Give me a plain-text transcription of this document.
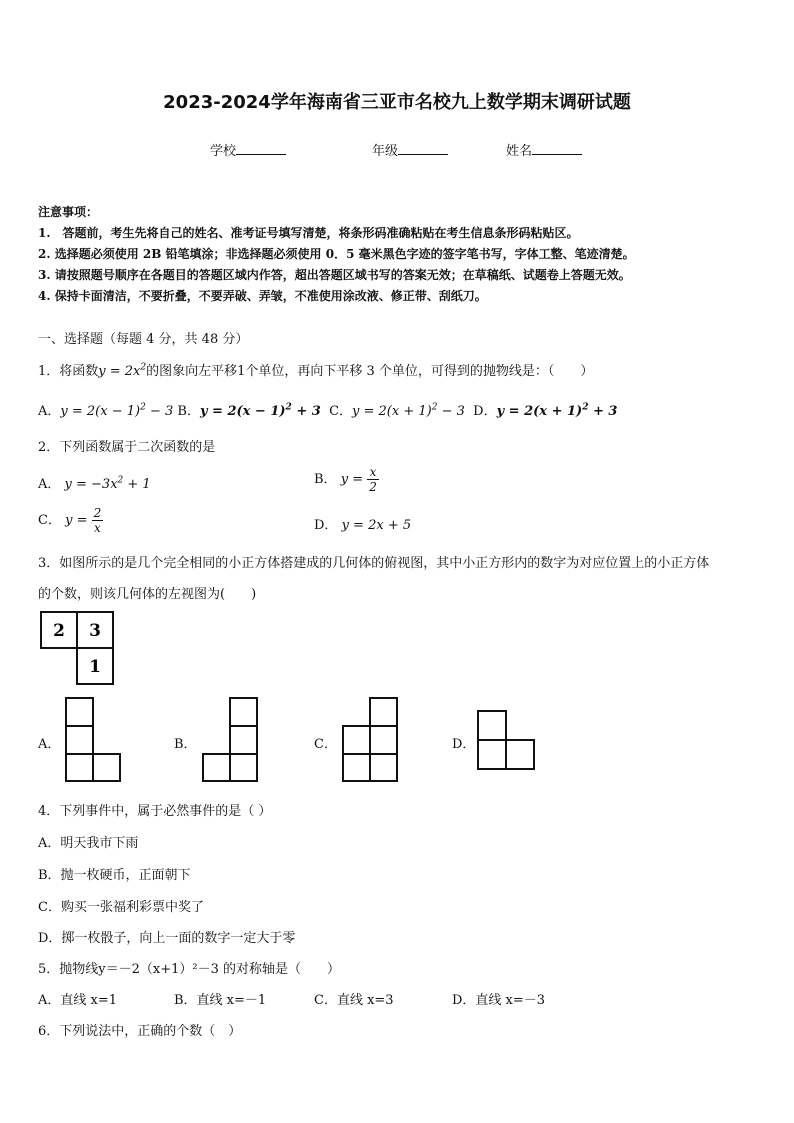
2023-2024学年海南省三亚市名校九上数学期末调研试题
学校	年级	姓名
注意事项：
1.　答题前，考生先将自己的姓名、准考证号填写清楚，将条形码准确粘贴在考生信息条形码粘贴区。
2. 选择题必须使用 2B 铅笔填涂；非选择题必须使用 0．5 毫米黑色字迹的签字笔书写，字体工整、笔迹清楚。
3. 请按照题号顺序在各题目的答题区域内作答，超出答题区域书写的答案无效；在草稿纸、试题卷上答题无效。
4. 保持卡面清洁，不要折叠，不要弄破、弄皱，不准使用涂改液、修正带、刮纸刀。
一、选择题（每题 4 分，共 48 分）
1．将函数$y = 2x^2$的图象向左平移1个单位，再向下平移 3 个单位，可得到的抛物线是：（　　）
A．$y = 2(x - 1)^2 - 3$ B．$y = 2(x - 1)^2 + 3$ C．$y = 2(x + 1)^2 - 3$ D．$y = 2(x + 1)^2 + 3$
2．下列函数属于二次函数的是
A． $y = -3x^2 + 1$	B． $y = \frac{x}{2}$
C． $y = \frac{2}{x}$	D． y = 2x + 5
3．如图所示的是几个完全相同的小正方体搭建成的几何体的俯视图，其中小正方形内的数字为对应位置上的小正方体
的个数，则该几何体的左视图为(　　)
2 3
1
A．	B．	C．	D．
4．下列事件中，属于必然事件的是（ ）
A．明天我市下雨
B．抛一枚硬币，正面朝下
C．购买一张福利彩票中奖了
D．掷一枚骰子，向上一面的数字一定大于零
5．抛物线y＝－2（x+1）²－3 的对称轴是（　　）
A．直线 x=1	B．直线 x=－1	C．直线 x=3	D．直线 x=－3
6．下列说法中，正确的个数（　）
